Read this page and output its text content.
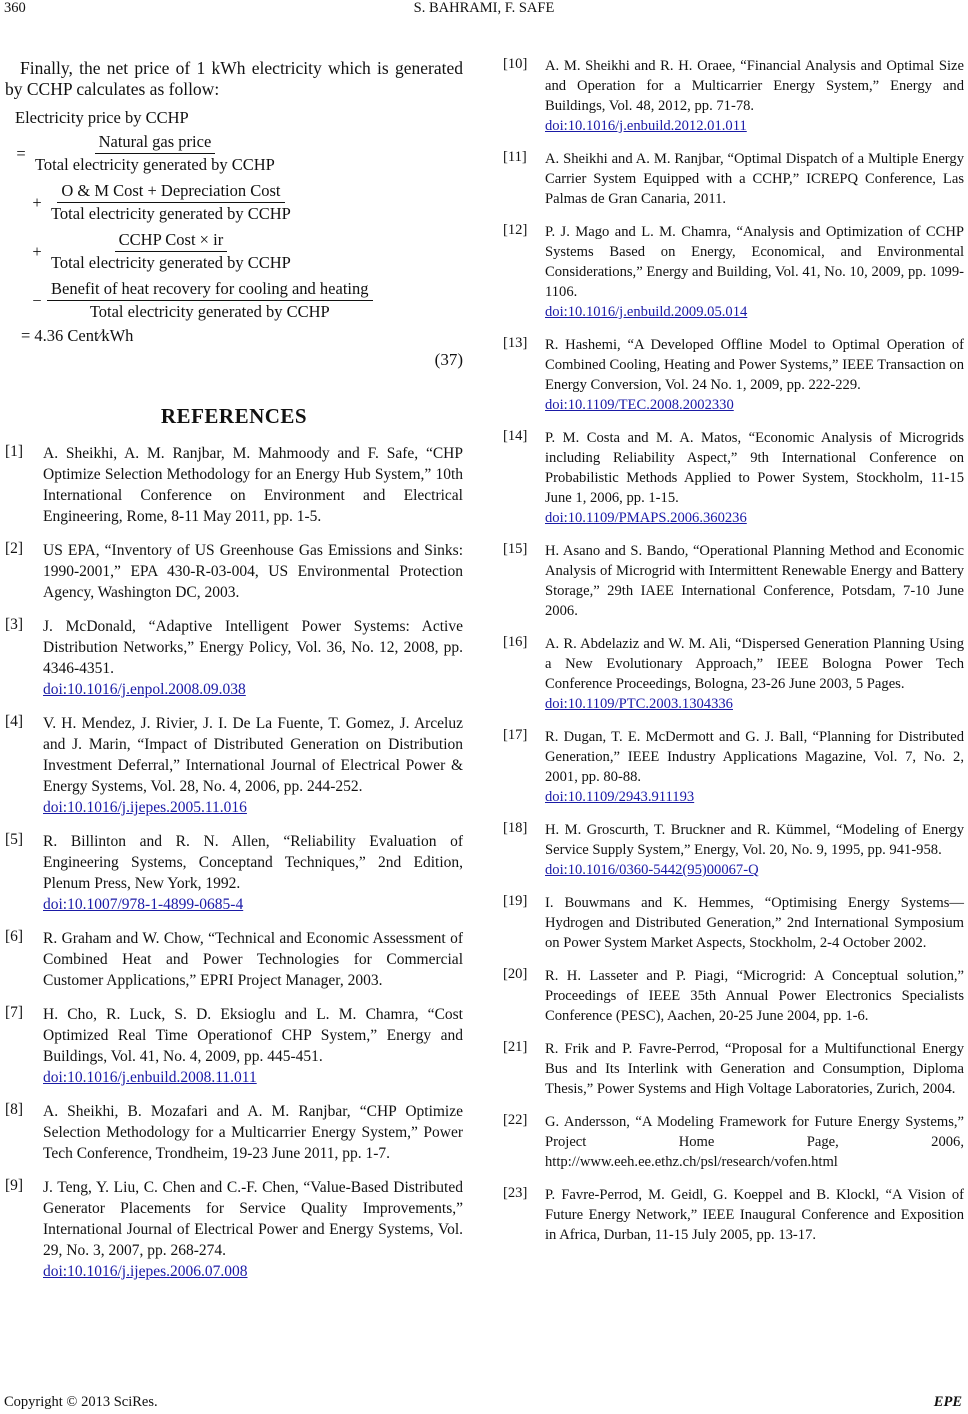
360	S. BAHRAMI, F. SAFE

Finally, the net price of 1 kWh electricity which is generated by CCHP calculates as follow:

Electricity price by CCHP
= $\frac{\text{Natural gas price}}{\text{Total electricity generated by CCHP}}$
+ $\frac{\text{O \& M Cost + Depreciation Cost}}{\text{Total electricity generated by CCHP}}$
+ $\frac{\text{CCHP Cost × ir}}{\text{Total electricity generated by CCHP}}$
− $\frac{\text{Benefit of heat recovery for cooling and heating}}{\text{Total electricity generated by CCHP}}$
= 4.36 Cent⁄kWh
(37)
REFERENCES
[1]	A. Sheikhi, A. M. Ranjbar, M. Mahmoody and F. Safe, “CHP Optimize Selection Methodology for an Energy Hub System,” 10th International Conference on Environment and Electrical Engineering, Rome, 8-11 May 2011, pp. 1-5.
[2]	US EPA, “Inventory of US Greenhouse Gas Emissions and Sinks: 1990-2001,” EPA 430-R-03-004, US Environmental Protection Agency, Washington DC, 2003.
[3]	J. McDonald, “Adaptive Intelligent Power Systems: Active Distribution Networks,” Energy Policy, Vol. 36, No. 12, 2008, pp. 4346-4351.
doi:10.1016/j.enpol.2008.09.038
[4]	V. H. Mendez, J. Rivier, J. I. De La Fuente, T. Gomez, J. Arceluz and J. Marin, “Impact of Distributed Generation on Distribution Investment Deferral,” International Journal of Electrical Power & Energy Systems, Vol. 28, No. 4, 2006, pp. 244-252.
doi:10.1016/j.ijepes.2005.11.016
[5]	R. Billinton and R. N. Allen, “Reliability Evaluation of Engineering Systems, Conceptand Techniques,” 2nd Edition, Plenum Press, New York, 1992.
doi:10.1007/978-1-4899-0685-4
[6]	R. Graham and W. Chow, “Technical and Economic Assessment of Combined Heat and Power Technologies for Commercial Customer Applications,” EPRI Project Manager, 2003.
[7]	H. Cho, R. Luck, S. D. Eksioglu and L. M. Chamra, “Cost Optimized Real Time Operationof CHP System,” Energy and Buildings, Vol. 41, No. 4, 2009, pp. 445-451.
doi:10.1016/j.enbuild.2008.11.011
[8]	A. Sheikhi, B. Mozafari and A. M. Ranjbar, “CHP Optimize Selection Methodology for a Multicarrier Energy System,” Power Tech Conference, Trondheim, 19-23 June 2011, pp. 1-7.
[9]	J. Teng, Y. Liu, C. Chen and C.-F. Chen, “Value-Based Distributed Generator Placements for Service Quality Improvements,” International Journal of Electrical Power and Energy Systems, Vol. 29, No. 3, 2007, pp. 268-274.
doi:10.1016/j.ijepes.2006.07.008
[10]	A. M. Sheikhi and R. H. Oraee, “Financial Analysis and Optimal Size and Operation for a Multicarrier Energy System,” Energy and Buildings, Vol. 48, 2012, pp. 71-78.
doi:10.1016/j.enbuild.2012.01.011
[11]	A. Sheikhi and A. M. Ranjbar, “Optimal Dispatch of a Multiple Energy Carrier System Equipped with a CCHP,” ICREPQ Conference, Las Palmas de Gran Canaria, 2011.
[12]	P. J. Mago and L. M. Chamra, “Analysis and Optimization of CCHP Systems Based on Energy, Economical, and Environmental Considerations,” Energy and Building, Vol. 41, No. 10, 2009, pp. 1099-1106.
doi:10.1016/j.enbuild.2009.05.014
[13]	R. Hashemi, “A Developed Offline Model to Optimal Operation of Combined Cooling, Heating and Power Systems,” IEEE Transaction on Energy Conversion, Vol. 24 No. 1, 2009, pp. 222-229.
doi:10.1109/TEC.2008.2002330
[14]	P. M. Costa and M. A. Matos, “Economic Analysis of Microgrids including Reliability Aspect,” 9th International Conference on Probabilistic Methods Applied to Power System, Stockholm, 11-15 June 1, 2006, pp. 1-15.
doi:10.1109/PMAPS.2006.360236
[15]	H. Asano and S. Bando, “Operational Planning Method and Economic Analysis of Microgrid with Intermittent Renewable Energy and Battery Storage,” 29th IAEE International Conference, Potsdam, 7-10 June 2006.
[16]	A. R. Abdelaziz and W. M. Ali, “Dispersed Generation Planning Using a New Evolutionary Approach,” IEEE Bologna Power Tech Conference Proceedings, Bologna, 23-26 June 2003, 5 Pages.
doi:10.1109/PTC.2003.1304336
[17]	R. Dugan, T. E. McDermott and G. J. Ball, “Planning for Distributed Generation,” IEEE Industry Applications Magazine, Vol. 7, No. 2, 2001, pp. 80-88.
doi:10.1109/2943.911193
[18]	H. M. Groscurth, T. Bruckner and R. Kümmel, “Modeling of Energy Service Supply System,” Energy, Vol. 20, No. 9, 1995, pp. 941-958.
doi:10.1016/0360-5442(95)00067-Q
[19]	I. Bouwmans and K. Hemmes, “Optimising Energy Systems—Hydrogen and Distributed Generation,” 2nd International Symposium on Power System Market Aspects, Stockholm, 2-4 October 2002.
[20]	R. H. Lasseter and P. Piagi, “Microgrid: A Conceptual solution,” Proceedings of IEEE 35th Annual Power Electronics Specialists Conference (PESC), Aachen, 20-25 June 2004, pp. 1-6.
[21]	R. Frik and P. Favre-Perrod, “Proposal for a Multifunctional Energy Bus and Its Interlink with Generation and Consumption, Diploma Thesis,” Power Systems and High Voltage Laboratories, Zurich, 2004.
[22]	G. Andersson, “A Modeling Framework for Future Energy Systems,” Project Home Page, 2006, http://www.eeh.ee.ethz.ch/psl/research/vofen.html
[23]	P. Favre-Perrod, M. Geidl, G. Koeppel and B. Klockl, “A Vision of Future Energy Network,” IEEE Inaugural Conference and Exposition in Africa, Durban, 11-15 July 2005, pp. 13-17.
Copyright © 2013 SciRes.	EPE
